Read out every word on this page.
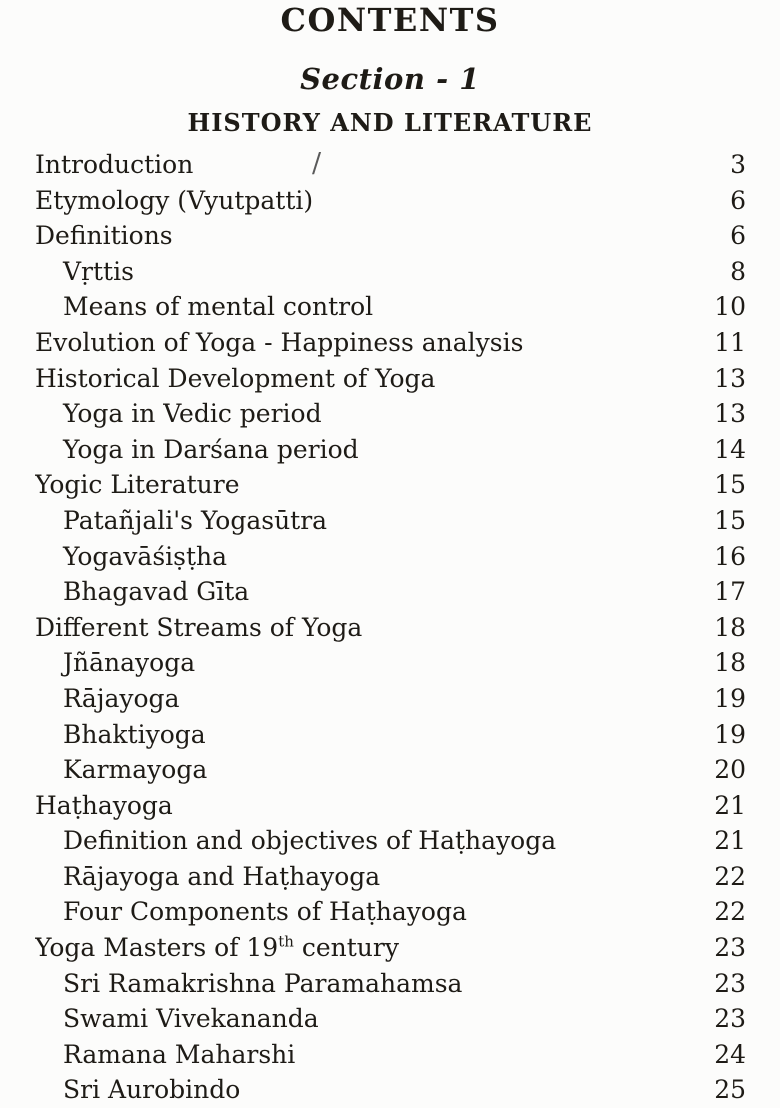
CONTENTS
Section - 1
HISTORY AND LITERATURE
/
Introduction	3
Etymology (Vyutpatti)	6
Definitions	6
Vṛttis	8
Means of mental control	10
Evolution of Yoga - Happiness analysis	11
Historical Development of Yoga	13
Yoga in Vedic period	13
Yoga in Darśana period	14
Yogic Literature	15
Patañjali's Yogasūtra	15
Yogavāśiṣṭha	16
Bhagavad Gīta	17
Different Streams of Yoga	18
Jñānayoga	18
Rājayoga	19
Bhaktiyoga	19
Karmayoga	20
Haṭhayoga	21
Definition and objectives of Haṭhayoga	21
Rājayoga and Haṭhayoga	22
Four Components of Haṭhayoga	22
Yoga Masters of 19th century	23
Sri Ramakrishna Paramahamsa	23
Swami Vivekananda	23
Ramana Maharshi	24
Sri Aurobindo	25
